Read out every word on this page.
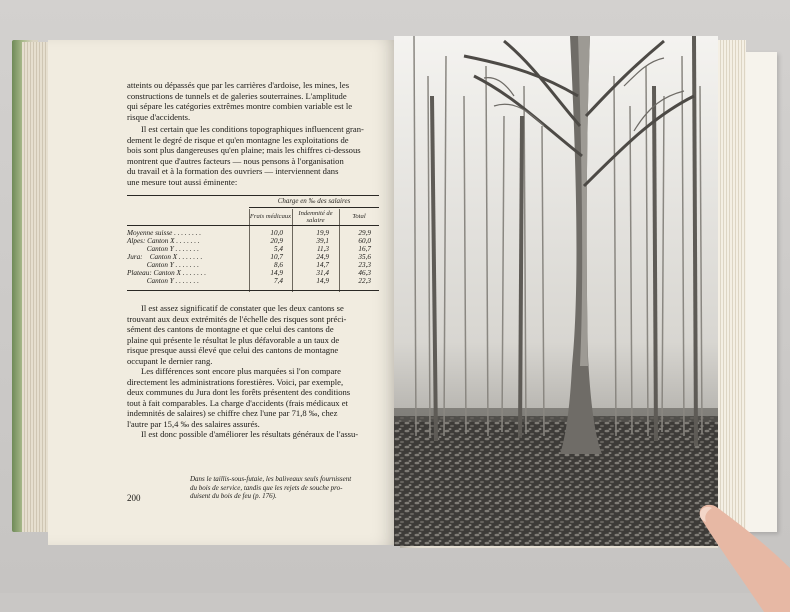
atteints ou dépassés que par les carrières d'ardoise, les mines, les
constructions de tunnels et de galeries souterraines. L'amplitude
qui sépare les catégories extrêmes montre combien variable est le
risque d'accidents.
Il est certain que les conditions topographiques influencent gran-
dement le degré de risque et qu'en montagne les exploitations de
bois sont plus dangereuses qu'en plaine; mais les chiffres ci-dessous
montrent que d'autres facteurs — nous pensons à l'organisation
du travail et à la formation des ouvriers — interviennent dans
une mesure tout aussi éminente:
Charge en ‰ des salaires
Frais médicaux	Indemnité de salaire
Total
Moyenne suisse . . . . . . . .	10,0	19,9	29,9
Alpes: Canton X . . . . . . .	20,9	39,1	60,0
Canton Y . . . . . . .	5,4	11,3	16,7
Jura:    Canton X . . . . . . .	10,7	24,9	35,6
Canton Y . . . . . . .	8,6	14,7	23,3
Plateau: Canton X . . . . . . .	14,9	31,4	46,3
Canton Y . . . . . . .	7,4	14,9	22,3
Il est assez significatif de constater que les deux cantons se
trouvant aux deux extrémités de l'échelle des risques sont préci-
sément des cantons de montagne et que celui des cantons de
plaine qui présente le résultat le plus défavorable a un taux de
risque presque aussi élevé que celui des cantons de montagne
occupant le dernier rang.
Les différences sont encore plus marquées si l'on compare
directement les administrations forestières. Voici, par exemple,
deux communes du Jura dont les forêts présentent des conditions
tout à fait comparables. La charge d'accidents (frais médicaux et
indemnités de salaires) se chiffre chez l'une par 71,8 ‰, chez
l'autre par 15,4 ‰ des salaires assurés.
Il est donc possible d'améliorer les résultats généraux de l'assu-
Dans le taillis-sous-futaie, les baliveaux seuls fournissent
du bois de service, tandis que les rejets de souche pro-
duisent du bois de feu (p. 176).
200
